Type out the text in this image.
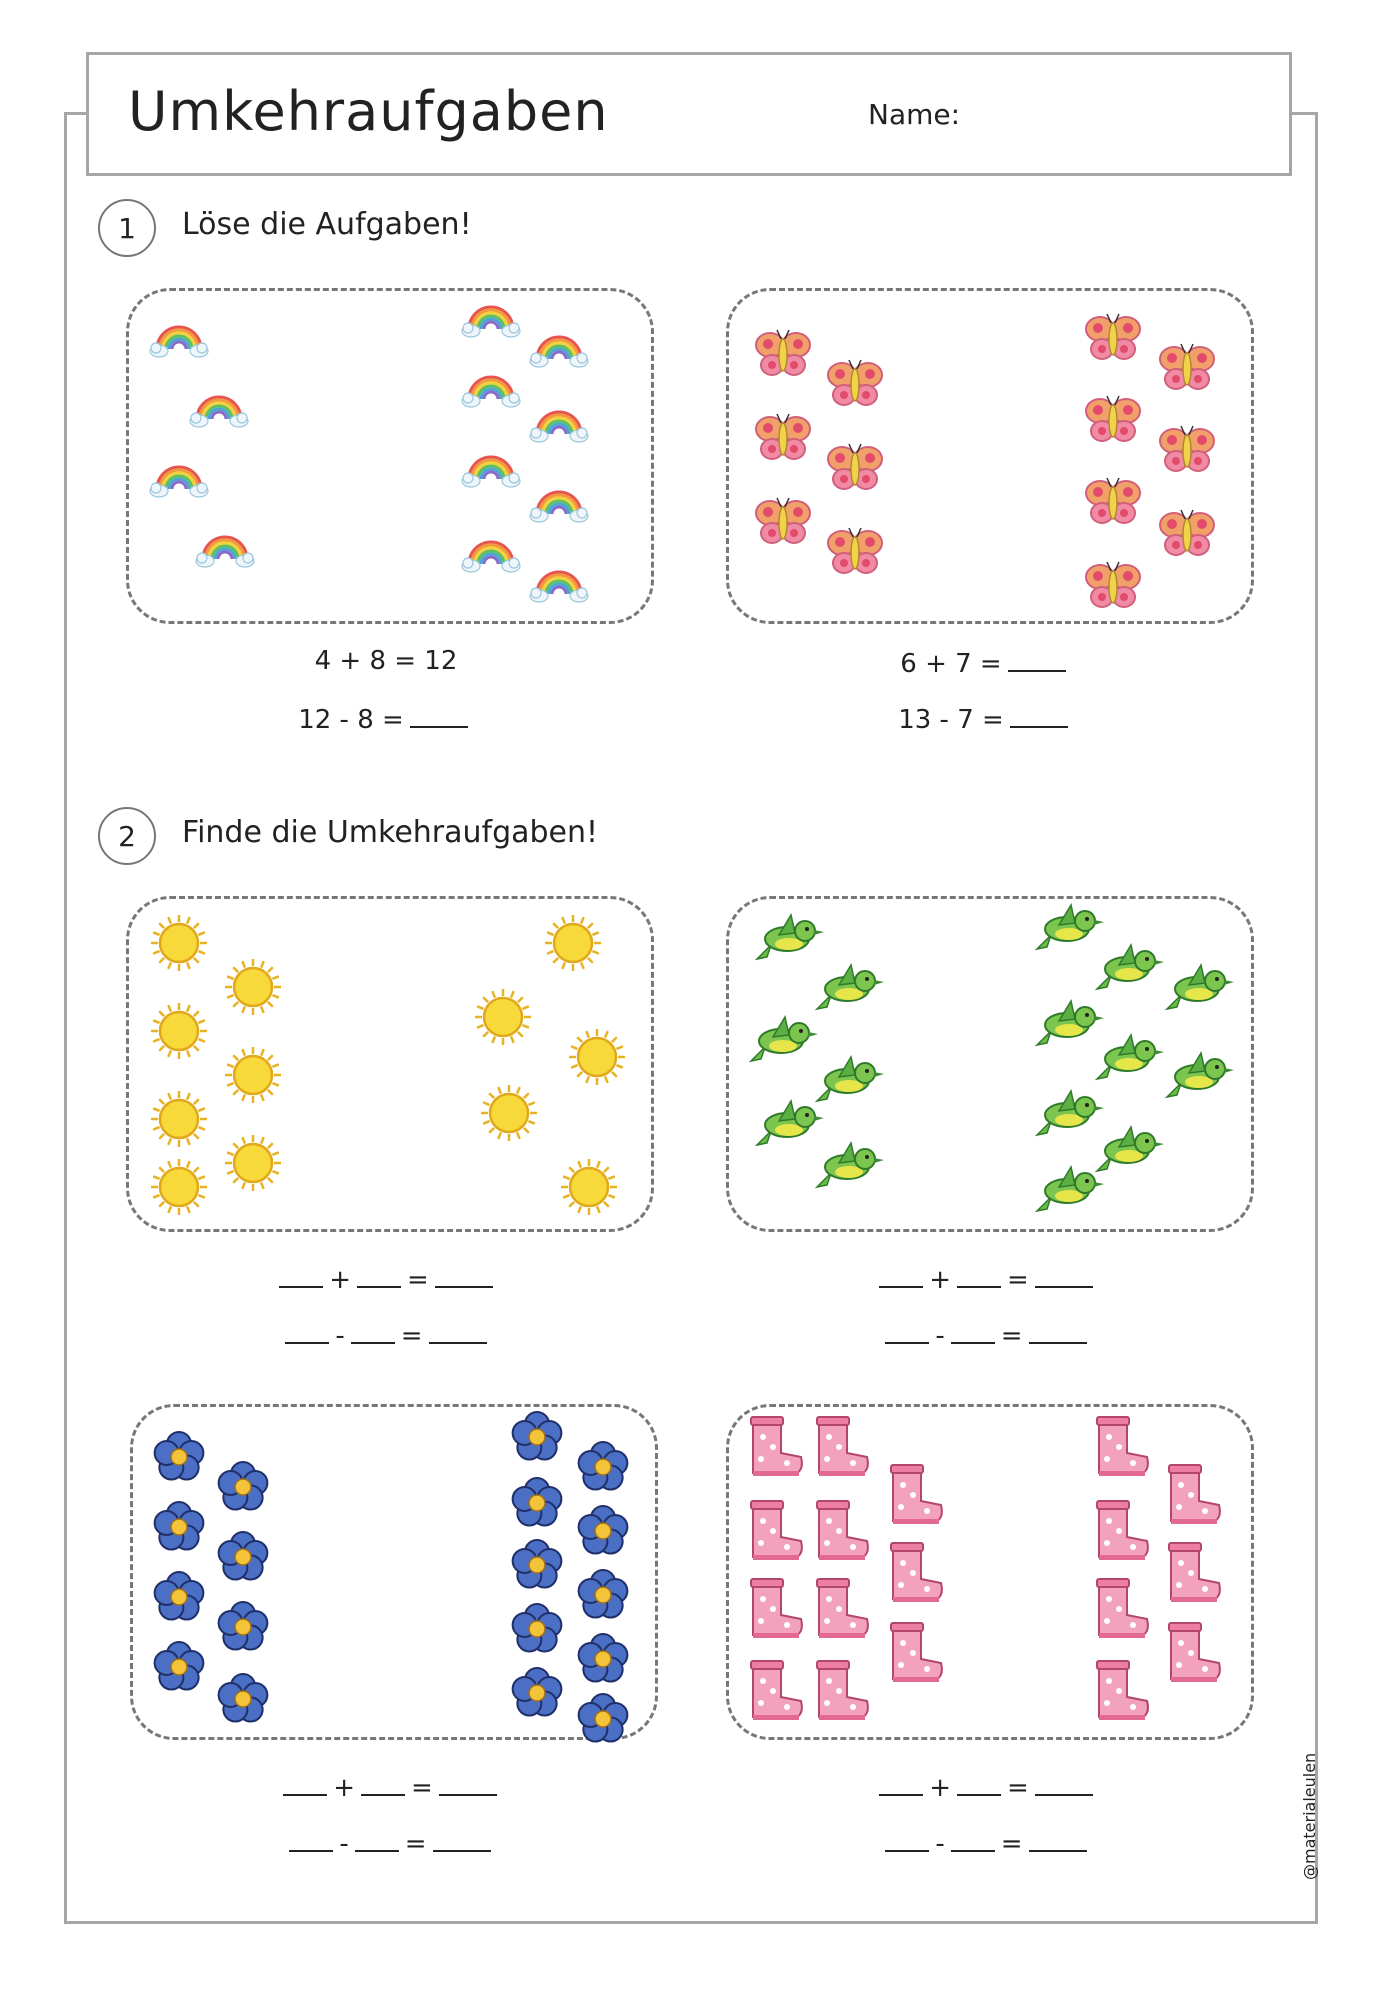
Umkehraufgaben	Name:
1	Löse die Aufgaben!
4 + 8 = 12
12 - 8 =
6 + 7 =
13 - 7 =
2	Finde die Umkehraufgaben!
+ =
- =
+ =
- =
+ =
- =
+ =
- =	@materialeulen
